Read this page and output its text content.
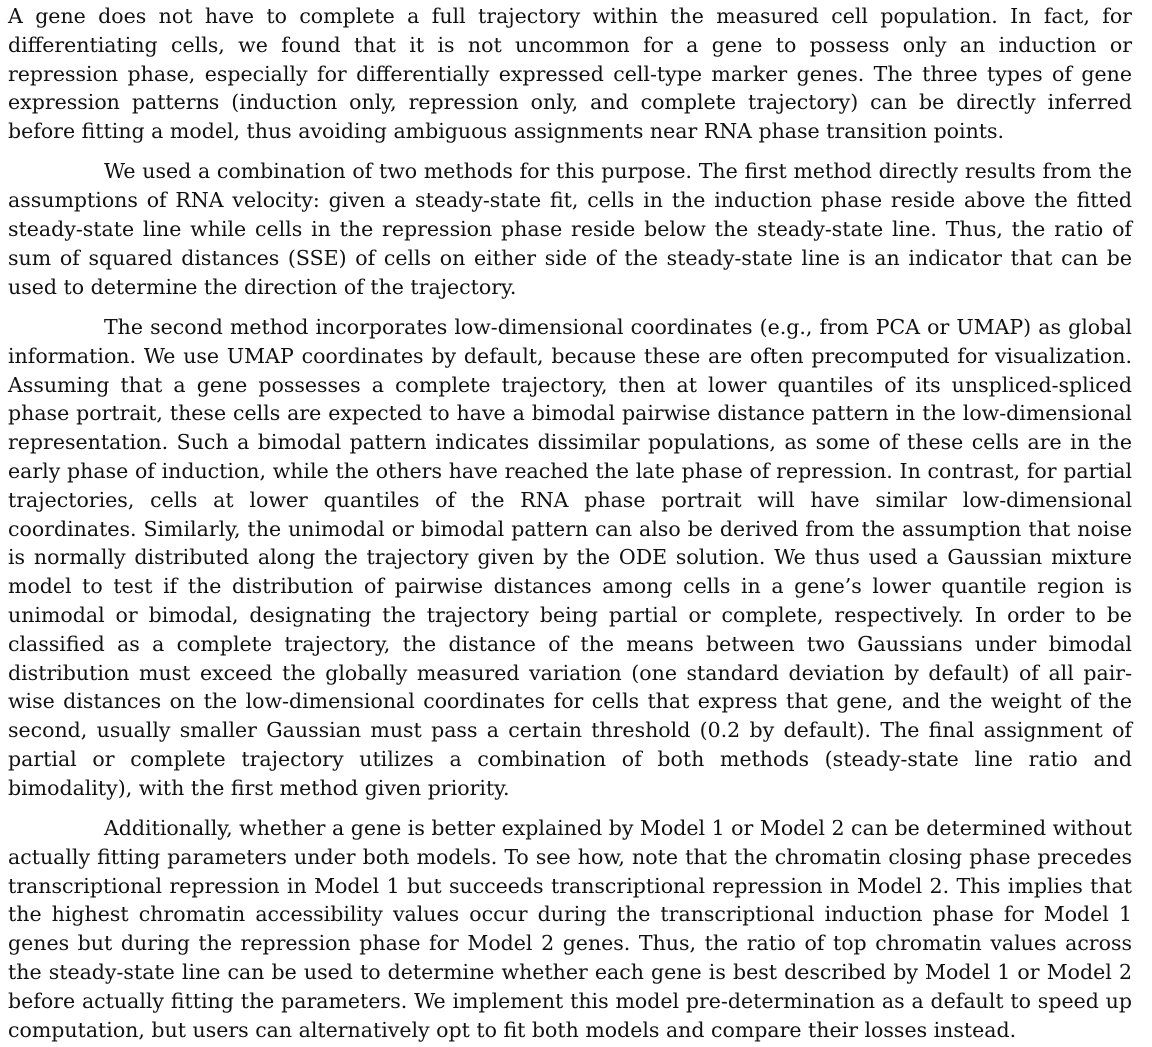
A gene does not have to complete a full trajectory within the measured cell population. In fact, for differentiating cells, we found that it is not uncommon for a gene to possess only an induction or repression phase, especially for differentially expressed cell-type marker genes. The three types of gene expression patterns (induction only, repression only, and complete trajectory) can be directly inferred before fitting a model, thus avoiding ambiguous assignments near RNA phase transition points.

We used a combination of two methods for this purpose. The first method directly results from the assumptions of RNA velocity: given a steady-state fit, cells in the induction phase reside above the fitted steady-state line while cells in the repression phase reside below the steady-state line. Thus, the ratio of sum of squared distances (SSE) of cells on either side of the steady-state line is an indicator that can be used to determine the direction of the trajectory.

The second method incorporates low-dimensional coordinates (e.g., from PCA or UMAP) as global information. We use UMAP coordinates by default, because these are often precomputed for visualization. Assuming that a gene possesses a complete trajectory, then at lower quantiles of its unspliced-spliced phase portrait, these cells are expected to have a bimodal pairwise distance pattern in the low-dimensional representation. Such a bimodal pattern indicates dissimilar populations, as some of these cells are in the early phase of induction, while the others have reached the late phase of repression. In contrast, for partial trajectories, cells at lower quantiles of the RNA phase portrait will have similar low-dimensional coordinates. Similarly, the unimodal or bimodal pattern can also be derived from the assumption that noise is normally distributed along the trajectory given by the ODE solution. We thus used a Gaussian mixture model to test if the distribution of pairwise distances among cells in a gene’s lower quantile region is unimodal or bimodal, designating the trajectory being partial or complete, respectively. In order to be classified as a complete trajectory, the distance of the means between two Gaussians under bimodal distribution must exceed the globally measured variation (one standard deviation by default) of all pair-wise distances on the low-dimensional coordinates for cells that express that gene, and the weight of the second, usually smaller Gaussian must pass a certain threshold (0.2 by default). The final assignment of partial or complete trajectory utilizes a combination of both methods (steady-state line ratio and bimodality), with the first method given priority.

Additionally, whether a gene is better explained by Model 1 or Model 2 can be determined without actually fitting parameters under both models. To see how, note that the chromatin closing phase precedes transcriptional repression in Model 1 but succeeds transcriptional repression in Model 2. This implies that the highest chromatin accessibility values occur during the transcriptional induction phase for Model 1 genes but during the repression phase for Model 2 genes. Thus, the ratio of top chromatin values across the steady-state line can be used to determine whether each gene is best described by Model 1 or Model 2 before actually fitting the parameters. We implement this model pre-determination as a default to speed up computation, but users can alternatively opt to fit both models and compare their losses instead.
